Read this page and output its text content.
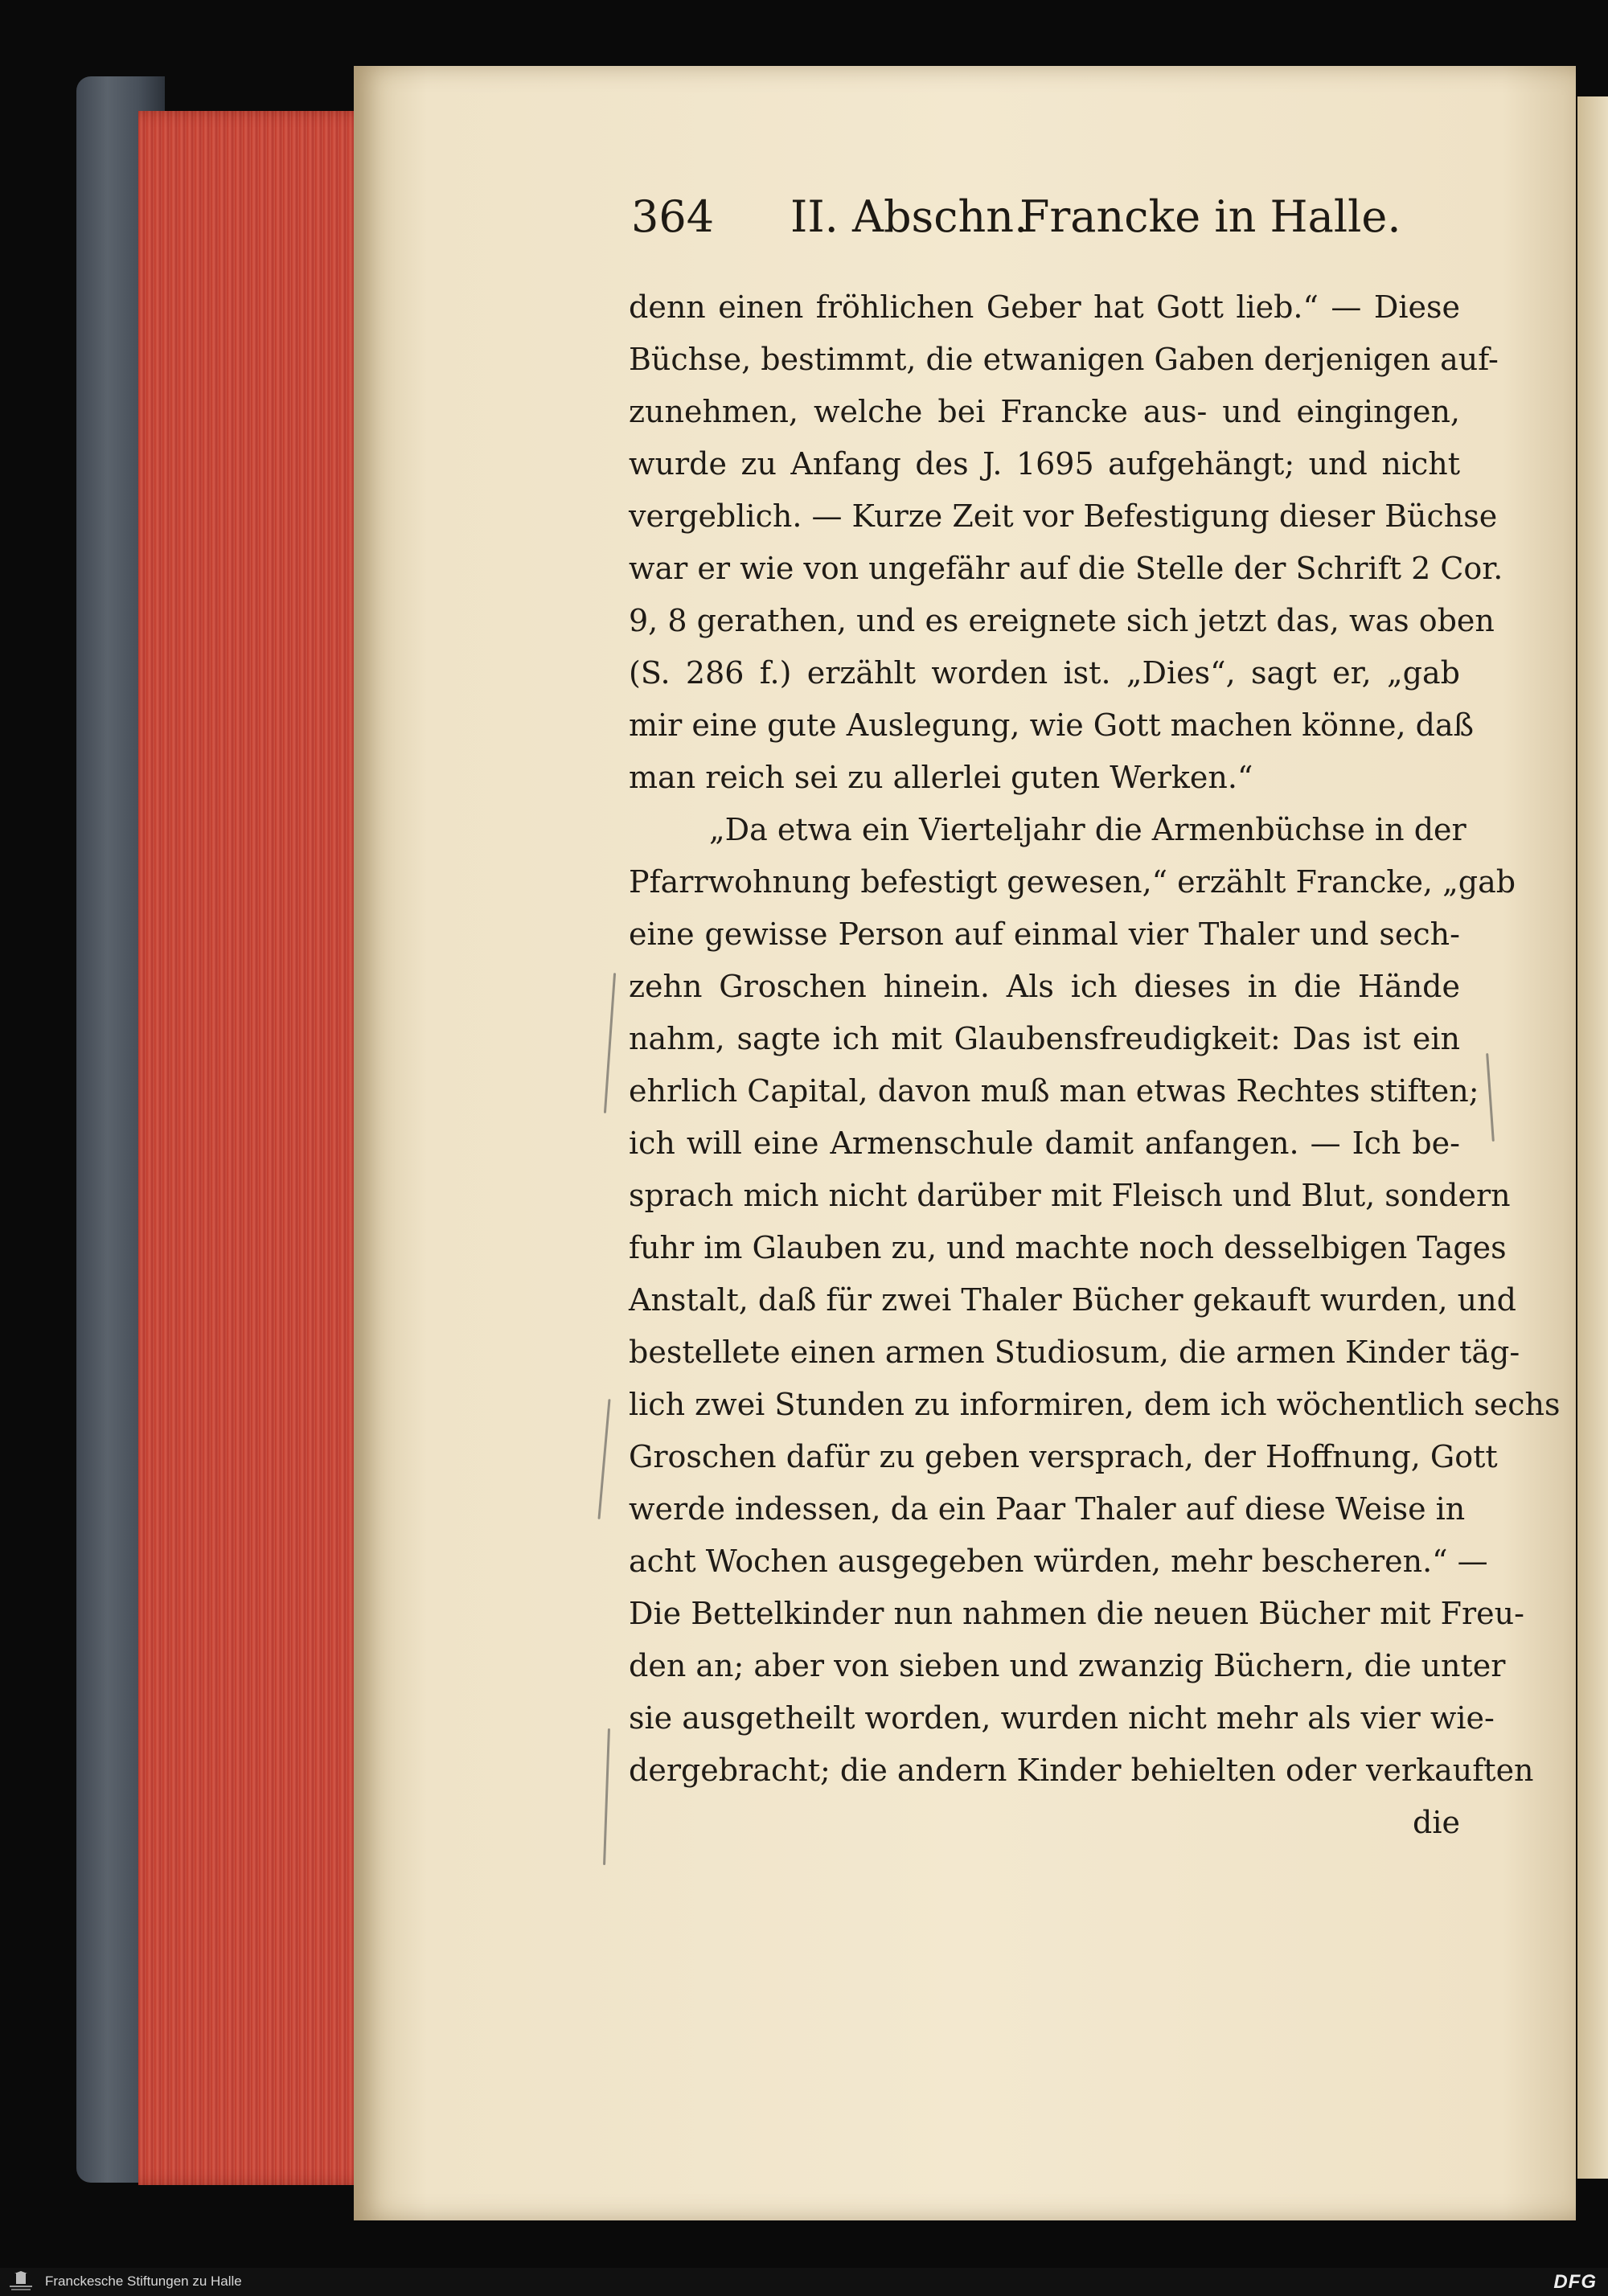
364 II. Abschn.
Francke in Halle.
denn einen fröhlichen Geber hat Gott lieb.“ — Diese
Büchse, bestimmt, die etwanigen Gaben derjenigen auf-
zunehmen, welche bei Francke aus- und eingingen,
wurde zu Anfang des J. 1695 aufgehängt; und nicht
vergeblich. — Kurze Zeit vor Befestigung dieser Büchse
war er wie von ungefähr auf die Stelle der Schrift 2 Cor.
9, 8 gerathen, und es ereignete sich jetzt das, was oben
(S. 286 f.) erzählt worden ist. „Dies“, sagt er, „gab
mir eine gute Auslegung, wie Gott machen könne, daß
man reich sei zu allerlei guten Werken.“
„Da etwa ein Vierteljahr die Armenbüchse in der
Pfarrwohnung befestigt gewesen,“ erzählt Francke, „gab
eine gewisse Person auf einmal vier Thaler und sech-
zehn Groschen hinein. Als ich dieses in die Hände
nahm, sagte ich mit Glaubensfreudigkeit: Das ist ein
ehrlich Capital, davon muß man etwas Rechtes stiften;
ich will eine Armenschule damit anfangen. — Ich be-
sprach mich nicht darüber mit Fleisch und Blut, sondern
fuhr im Glauben zu, und machte noch desselbigen Tages
Anstalt, daß für zwei Thaler Bücher gekauft wurden, und
bestellete einen armen Studiosum, die armen Kinder täg-
lich zwei Stunden zu informiren, dem ich wöchentlich sechs
Groschen dafür zu geben versprach, der Hoffnung, Gott
werde indessen, da ein Paar Thaler auf diese Weise in
acht Wochen ausgegeben würden, mehr bescheren.“ —
Die Bettelkinder nun nahmen die neuen Bücher mit Freu-
den an; aber von sieben und zwanzig Büchern, die unter
sie ausgetheilt worden, wurden nicht mehr als vier wie-
dergebracht; die andern Kinder behielten oder verkauften
die
Franckesche Stiftungen zu Halle	DFG
